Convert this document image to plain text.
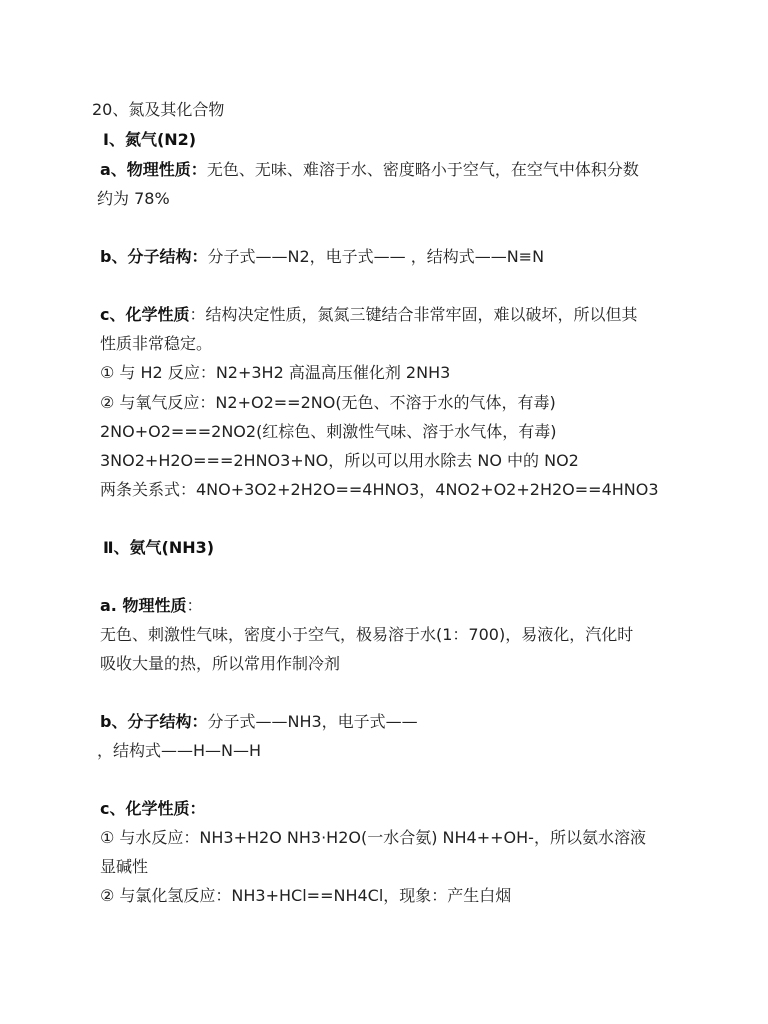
20、氮及其化合物
Ⅰ、氮气(N2)
a、物理性质：无色、无味、难溶于水、密度略小于空气，在空气中体积分数
约为 78%
b、分子结构：分子式——N2，电子式—— ，结构式——N≡N
c、化学性质：结构决定性质，氮氮三键结合非常牢固，难以破坏，所以但其
性质非常稳定。
① 与 H2 反应：N2+3H2 高温高压催化剂 2NH3
② 与氧气反应：N2+O2==2NO(无色、不溶于水的气体，有毒)
2NO+O2===2NO2(红棕色、刺激性气味、溶于水气体，有毒)
3NO2+H2O===2HNO3+NO，所以可以用水除去 NO 中的 NO2
两条关系式：4NO+3O2+2H2O==4HNO3，4NO2+O2+2H2O==4HNO3
Ⅱ、氨气(NH3)
a. 物理性质：
无色、刺激性气味，密度小于空气，极易溶于水(1：700)，易液化，汽化时
吸收大量的热，所以常用作制冷剂
b、分子结构：分子式——NH3，电子式——
，结构式——H—N—H
c、化学性质：
① 与水反应：NH3+H2O NH3·H2O(一水合氨) NH4++OH-，所以氨水溶液
显碱性
② 与氯化氢反应：NH3+HCl==NH4Cl，现象：产生白烟
